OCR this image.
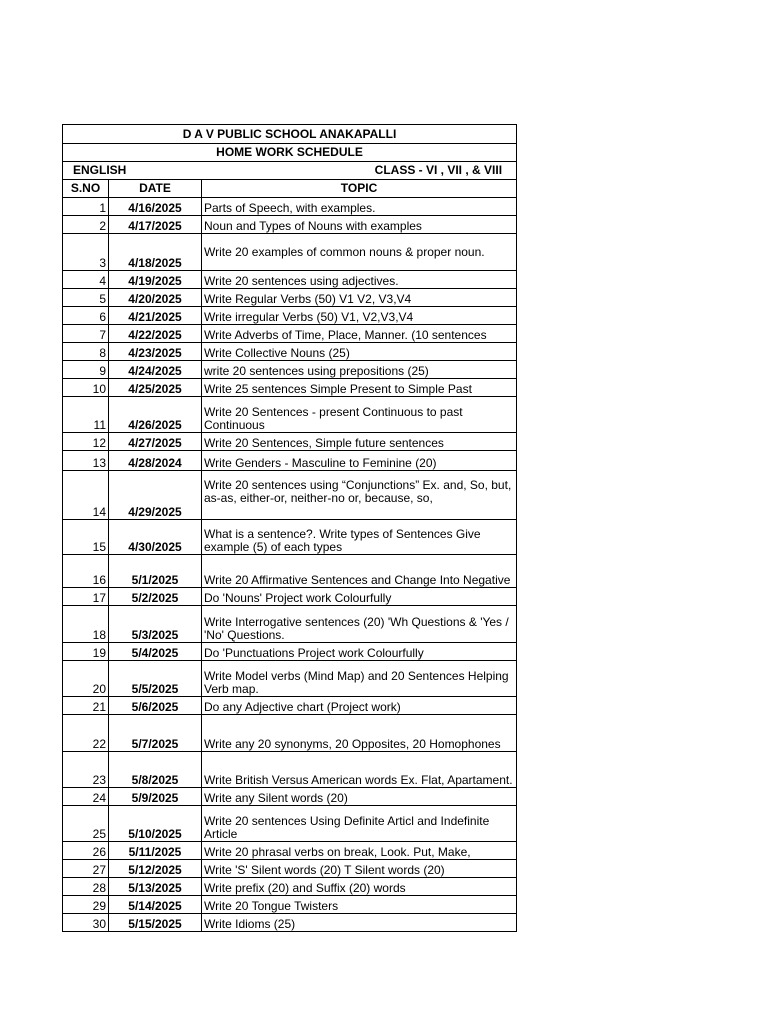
D A V PUBLIC SCHOOL ANAKAPALLI		
HOME WORK SCHEDULE		
ENGLISH		CLASS - VI , VII , & VIII
S.NO	DATE	TOPIC
1	4/16/2025	Parts of Speech, with examples.
2	4/17/2025	Noun and Types of Nouns with examples
3	4/18/2025	Write 20 examples of common nouns & proper noun.
4	4/19/2025	Write 20 sentences using adjectives.
5	4/20/2025	Write Regular Verbs (50) V1 V2, V3,V4
6	4/21/2025	Write irregular Verbs (50) V1, V2,V3,V4
7	4/22/2025	Write Adverbs of Time, Place, Manner. (10 sentences
8	4/23/2025	Write Collective Nouns (25)
9	4/24/2025	write 20 sentences using prepositions (25)
10	4/25/2025	Write 25 sentences Simple Present to Simple Past
11	4/26/2025	Write 20 Sentences - present Continuous to past Continuous
12	4/27/2025	Write 20 Sentences, Simple future sentences
13	4/28/2024	Write Genders - Masculine to Feminine (20)
14	4/29/2025	Write 20 sentences using “Conjunctions” Ex. and, So, but, as-as, either-or, neither-no or, because, so,
15	4/30/2025	What is a sentence?. Write types of Sentences Give example (5) of each types
16	5/1/2025	Write 20 Affirmative Sentences and Change Into Negative
17	5/2/2025	Do 'Nouns' Project work Colourfully
18	5/3/2025	Write Interrogative sentences (20) 'Wh Questions & 'Yes / 'No' Questions.
19	5/4/2025	Do 'Punctuations Project work Colourfully
20	5/5/2025	Write Model verbs (Mind Map) and 20 Sentences Helping Verb map.
21	5/6/2025	Do any Adjective chart (Project work)
22	5/7/2025	Write any 20 synonyms, 20 Opposites, 20 Homophones
23	5/8/2025	Write British Versus American words Ex. Flat, Apartament.
24	5/9/2025	Write any Silent words (20)
25	5/10/2025	Write 20 sentences Using Definite Articl and Indefinite Article
26	5/11/2025	Write 20 phrasal verbs on break, Look. Put, Make,
27	5/12/2025	Write 'S' Silent words (20) T Silent words (20)
28	5/13/2025	Write prefix (20) and Suffix (20) words
29	5/14/2025	Write 20 Tongue Twisters
30	5/15/2025	Write Idioms (25)
